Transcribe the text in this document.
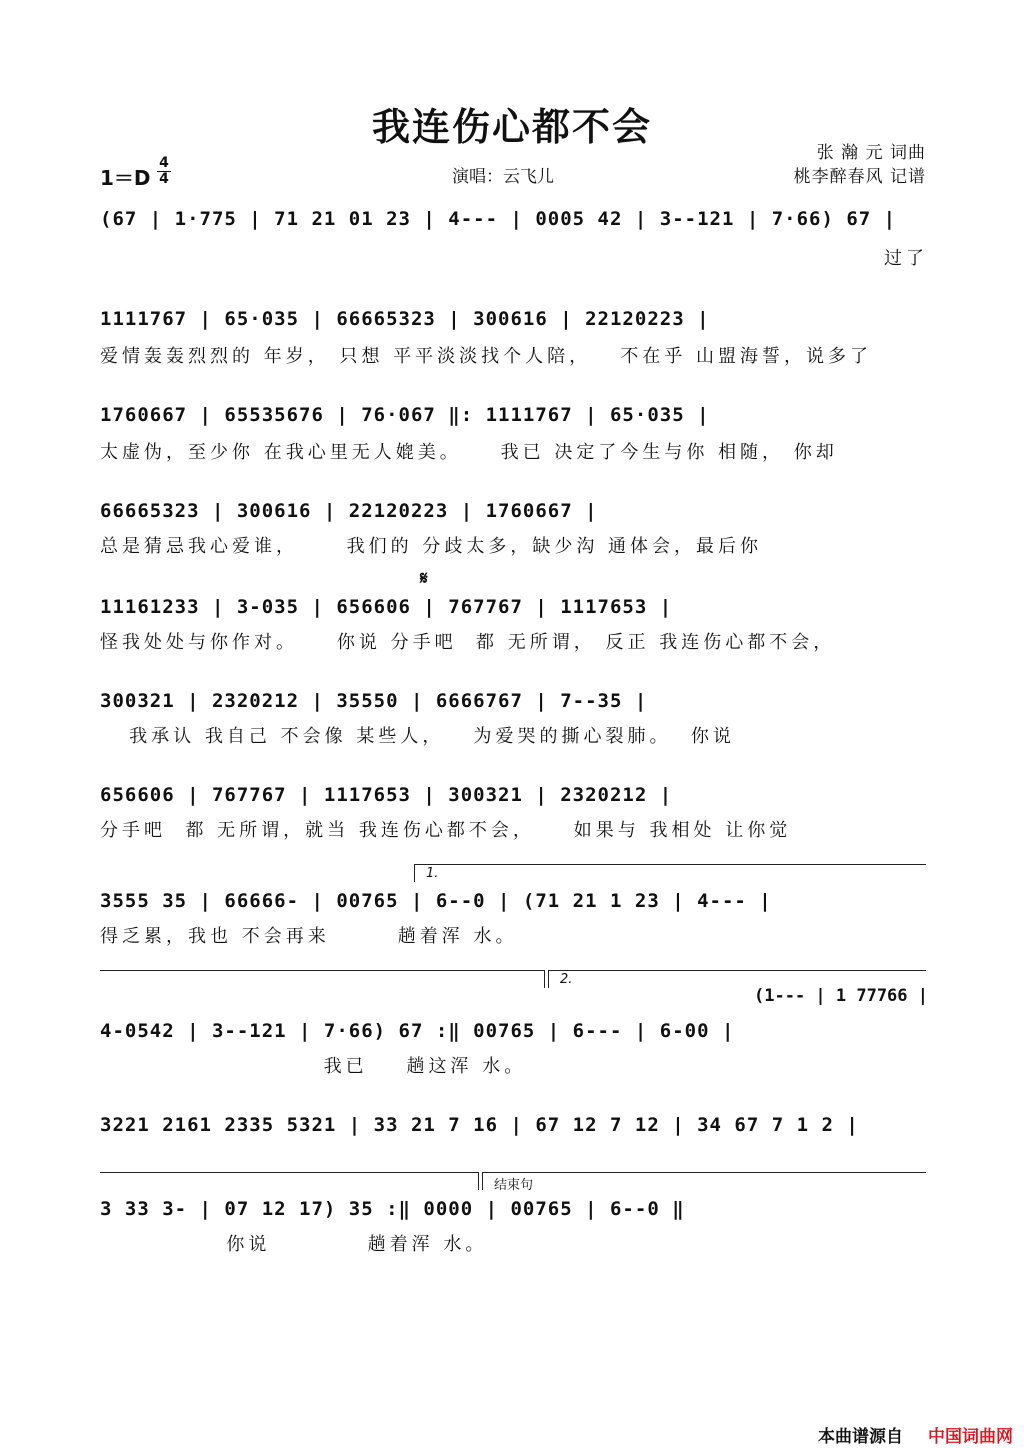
我连伤心都不会
1＝D
4
4	演唱：云飞儿
张 瀚 元 词曲
桃李醉春风 记谱
(67 | 1·775 | 71 21 01 23 | 4--- | 0005 42 | 3--121 | 7·66) 67 |
过了
1111767 | 65·035 | 66665323 | 300616 | 22120223 |
爱情轰轰烈烈的 年岁， 只想 平平淡淡找个人陪，   不在乎 山盟海誓，说多了
1760667 | 65535676 | 76·067 ‖: 1111767 | 65·035 |
太虚伪，至少你 在我心里无人媲美。    我已 决定了今生与你 相随， 你却
66665323 | 300616 | 22120223 | 1760667 |
总是猜忌我心爱谁，     我们的 分歧太多，缺少沟 通体会，最后你
𝄋
11161233 | 3-035 | 656606 | 767767 | 1117653 |
怪我处处与你作对。    你说 分手吧  都 无所谓， 反正 我连伤心都不会，
300321 | 2320212 | 35550 | 6666767 | 7--35 |
我承认 我自己 不会像 某些人，   为爱哭的撕心裂肺。  你说
656606 | 767767 | 1117653 | 300321 | 2320212 |
分手吧  都 无所谓，就当 我连伤心都不会，    如果与 我相处 让你觉
1.
3555 35 | 66666- | 00765 | 6--0 | (71 21 1 23 | 4--- |
得乏累，我也 不会再来       趟着浑 水。
2.
(1--- | 1 77766 |
4-0542 | 3--121 | 7·66) 67 :‖ 00765 | 6--- | 6-00 |
我已    趟这浑 水。
3221 2161 2335 5321 | 33 21 7 16 | 67 12 7 12 | 34 67 7 1 2 |
结束句
3 33 3- | 07 12 17) 35 :‖ 0000 | 00765 | 6--0 ‖
你说          趟着浑 水。
本曲谱源自 中国词曲网
